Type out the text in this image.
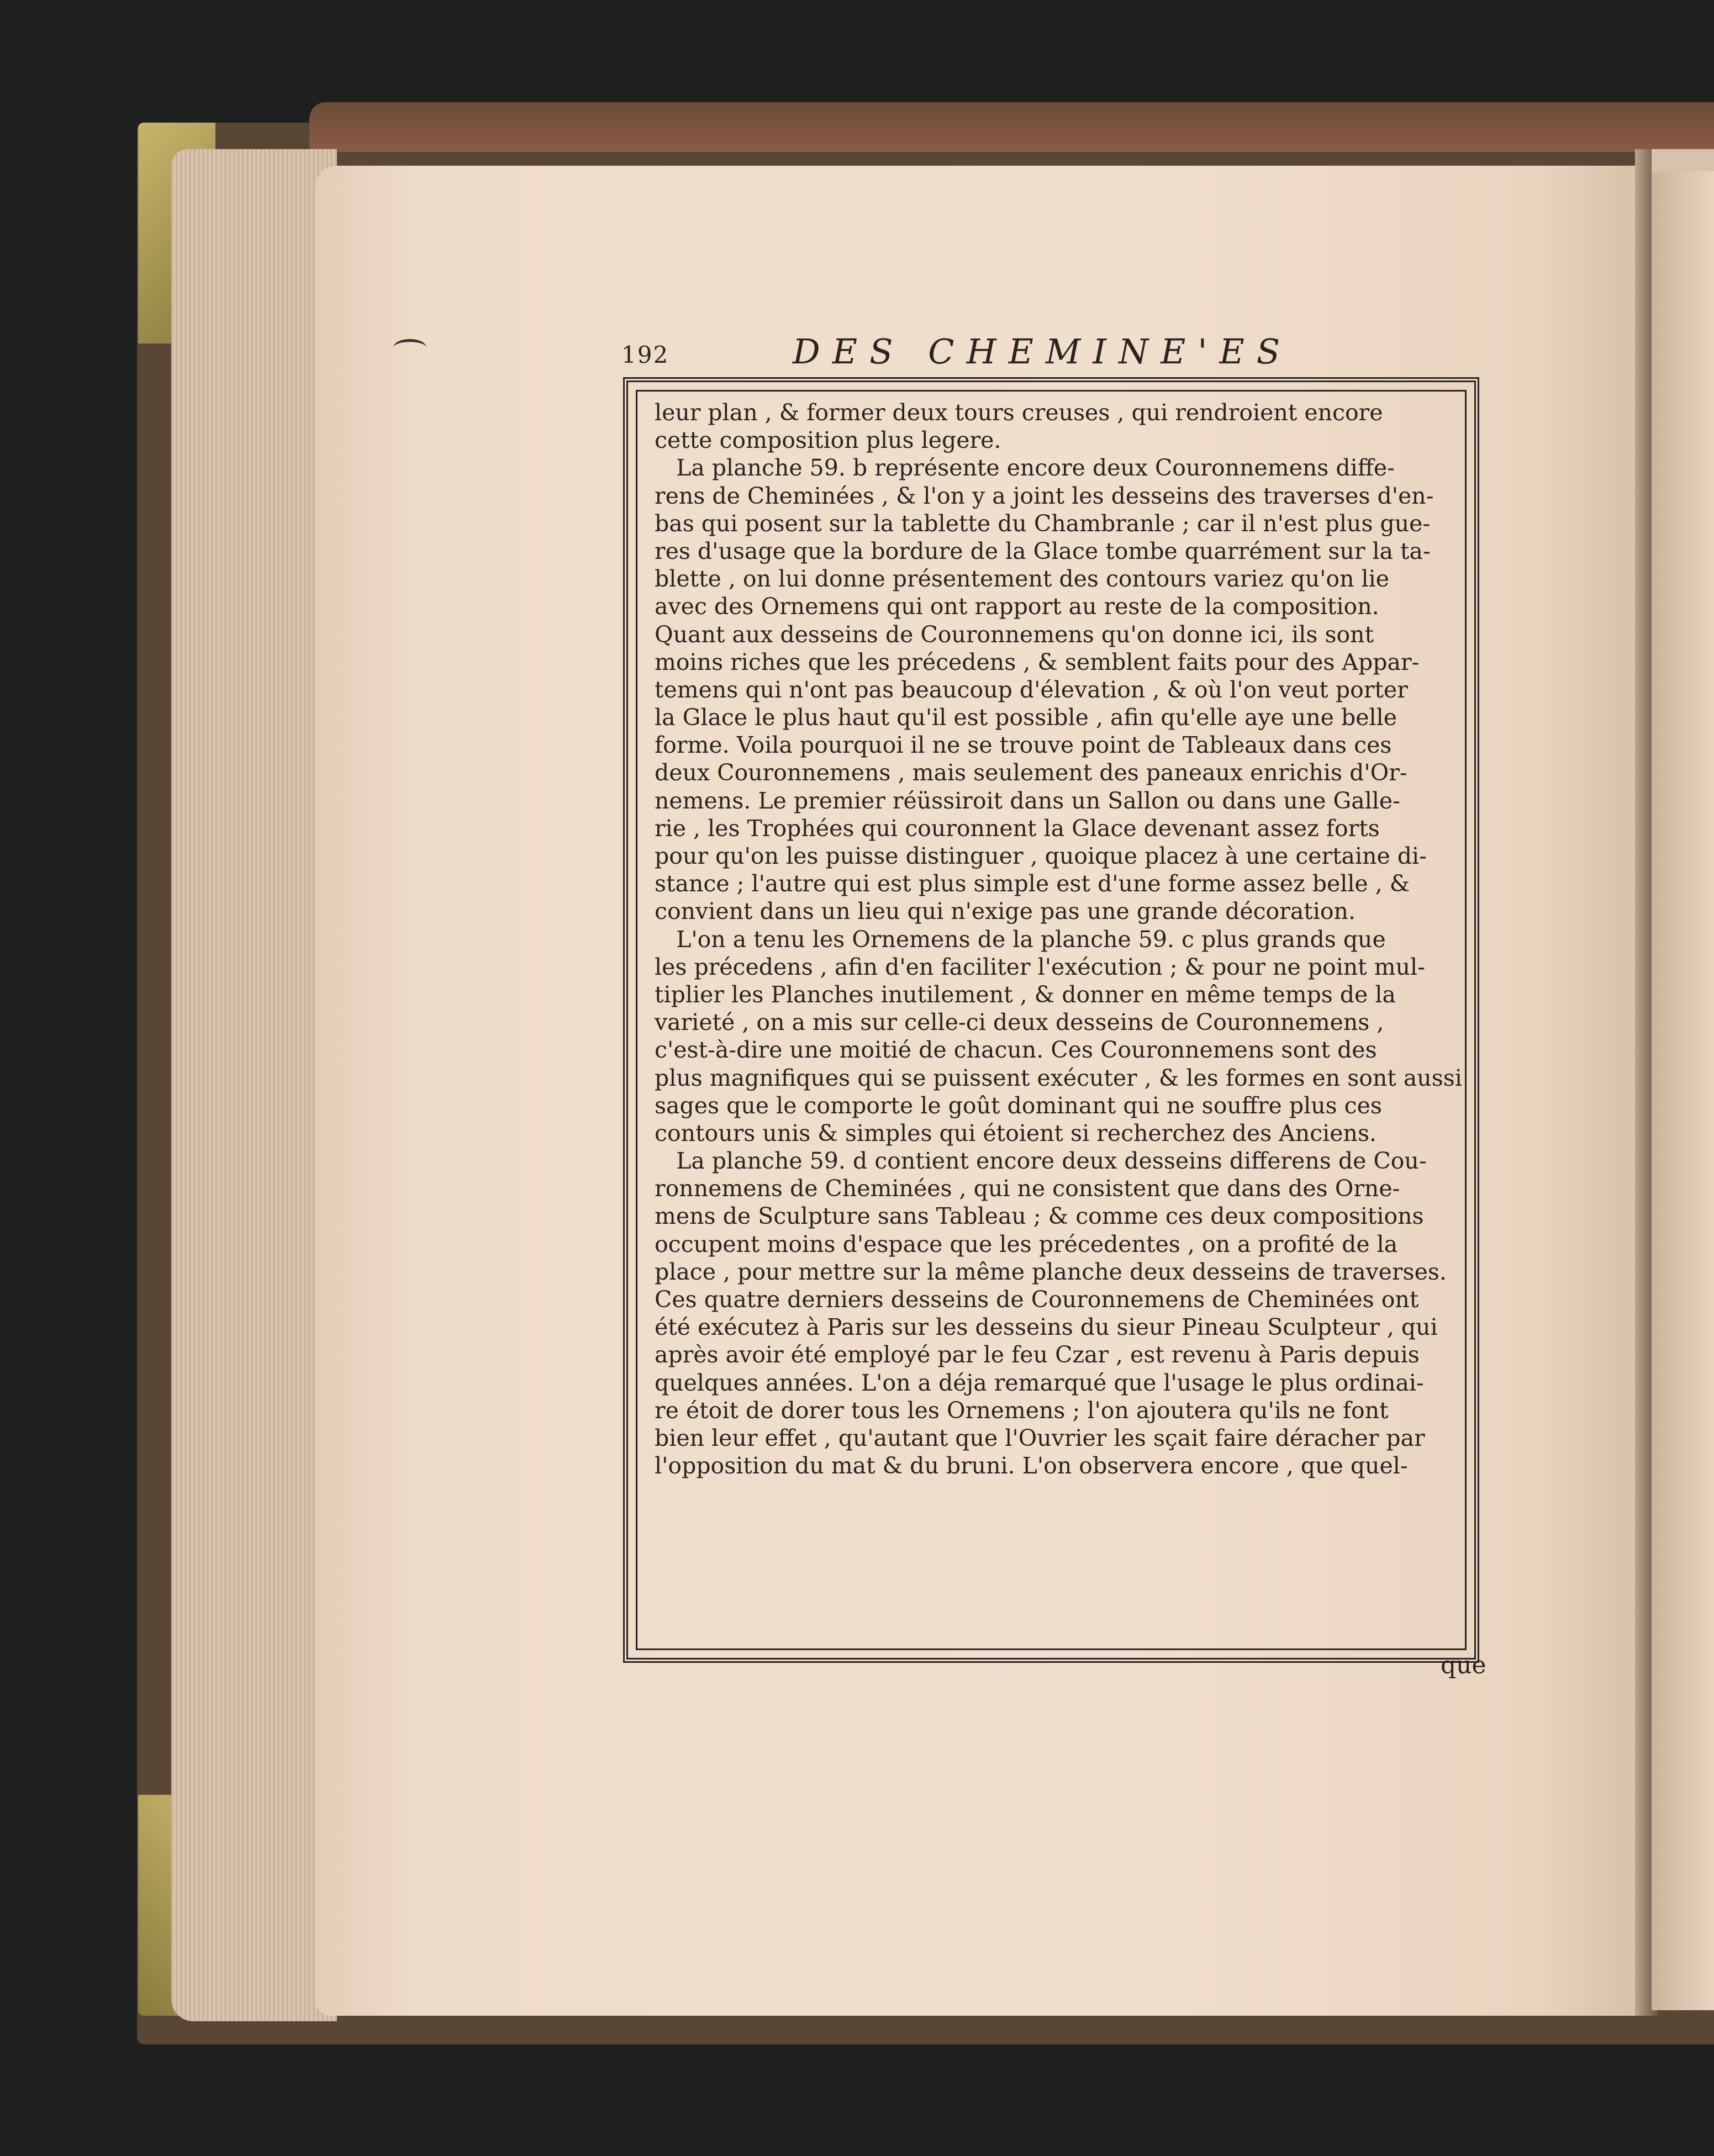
192	DES CHEMINE'ES
leur plan , & former deux tours creuses , qui rendroient encore
cette composition plus legere.
La planche 59. b représente encore deux Couronnemens diffe-
rens de Cheminées , & l'on y a joint les desseins des traverses d'en-
bas qui posent sur la tablette du Chambranle ; car il n'est plus gue-
res d'usage que la bordure de la Glace tombe quarrément sur la ta-
blette , on lui donne présentement des contours variez qu'on lie
avec des Ornemens qui ont rapport au reste de la composition.
Quant aux desseins de Couronnemens qu'on donne ici, ils sont
moins riches que les précedens , & semblent faits pour des Appar-
temens qui n'ont pas beaucoup d'élevation , & où l'on veut porter
la Glace le plus haut qu'il est possible , afin qu'elle aye une belle
forme. Voila pourquoi il ne se trouve point de Tableaux dans ces
deux Couronnemens , mais seulement des paneaux enrichis d'Or-
nemens. Le premier réüssiroit dans un Sallon ou dans une Galle-
rie , les Trophées qui couronnent la Glace devenant assez forts
pour qu'on les puisse distinguer , quoique placez à une certaine di-
stance ; l'autre qui est plus simple est d'une forme assez belle , &
convient dans un lieu qui n'exige pas une grande décoration.
L'on a tenu les Ornemens de la planche 59. c plus grands que
les précedens , afin d'en faciliter l'exécution ; & pour ne point mul-
tiplier les Planches inutilement , & donner en même temps de la
varieté , on a mis sur celle-ci deux desseins de Couronnemens ,
c'est-à-dire une moitié de chacun. Ces Couronnemens sont des
plus magnifiques qui se puissent exécuter , & les formes en sont aussi
sages que le comporte le goût dominant qui ne souffre plus ces
contours unis & simples qui étoient si recherchez des Anciens.
La planche 59. d contient encore deux desseins differens de Cou-
ronnemens de Cheminées , qui ne consistent que dans des Orne-
mens de Sculpture sans Tableau ; & comme ces deux compositions
occupent moins d'espace que les précedentes , on a profité de la
place , pour mettre sur la même planche deux desseins de traverses.
Ces quatre derniers desseins de Couronnemens de Cheminées ont
été exécutez à Paris sur les desseins du sieur Pineau Sculpteur , qui
après avoir été employé par le feu Czar , est revenu à Paris depuis
quelques années. L'on a déja remarqué que l'usage le plus ordinai-
re étoit de dorer tous les Ornemens ; l'on ajoutera qu'ils ne font
bien leur effet , qu'autant que l'Ouvrier les sçait faire déracher par
l'opposition du mat & du bruni. L'on observera encore , que quel-
que
